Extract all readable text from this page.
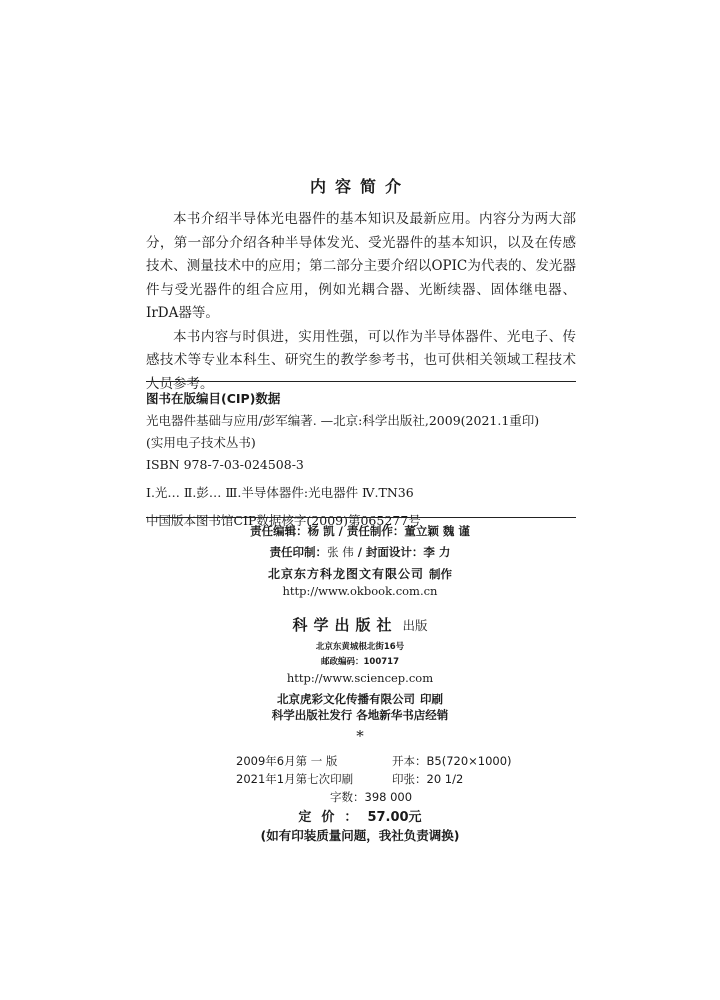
内容简介

本书介绍半导体光电器件的基本知识及最新应用。内容分为两大部分，第一部分介绍各种半导体发光、受光器件的基本知识，以及在传感技术、测量技术中的应用；第二部分主要介绍以OPIC为代表的、发光器件与受光器件的组合应用，例如光耦合器、光断续器、固体继电器、IrDA器等。

本书内容与时俱进，实用性强，可以作为半导体器件、光电子、传感技术等专业本科生、研究生的教学参考书，也可供相关领域工程技术人员参考。

图书在版编目(CIP)数据
光电器件基础与应用/彭军编著. —北京:科学出版社,2009(2021.1重印)
(实用电子技术丛书)
ISBN 978-7-03-024508-3
Ⅰ.光… Ⅱ.彭… Ⅲ.半导体器件:光电器件 Ⅳ.TN36
中国版本图书馆CIP数据核字(2009)第065277号
责任编辑：杨 凯 / 责任制作：董立颖 魏 谨
责任印制：张 伟 / 封面设计：李 力
北京东方科龙图文有限公司 制作
http://www.okbook.com.cn
科学出版社 出版
北京东黄城根北街16号
邮政编码：100717
http://www.sciencep.com
北京虎彩文化传播有限公司 印刷
科学出版社发行 各地新华书店经销
*
2009年6月第 一 版	开本：B5(720×1000)
2021年1月第七次印刷	印张：20 1/2
字数：398 000
定价：57.00元
(如有印装质量问题，我社负责调换)
